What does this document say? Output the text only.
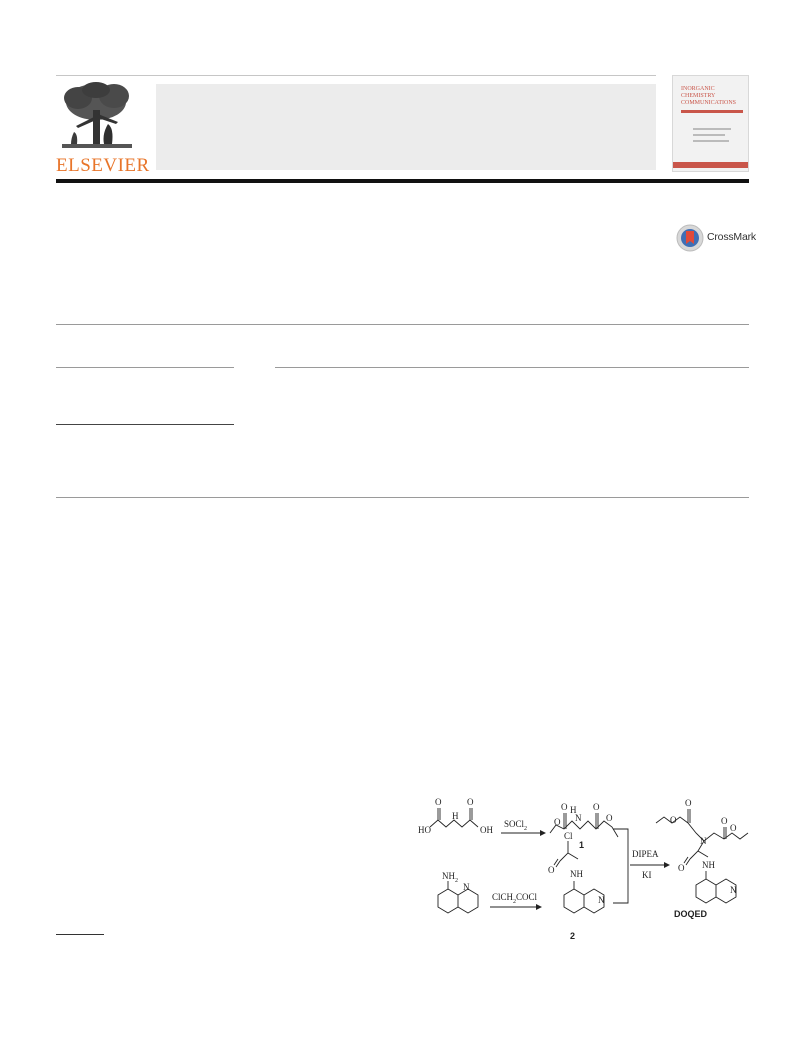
ELSEVIER
INORGANIC CHEMISTRY COMMUNICATIONS
CrossMark
HO	OH
H
O	O
SOCl$_2$
O
O	O
O
H
N
1
$NH_2$
N
ClCH$_2$COCl
Cl
O NH
N
2
DIPEA
KI
O
O
N
O
O
O NH
N
DOQED
